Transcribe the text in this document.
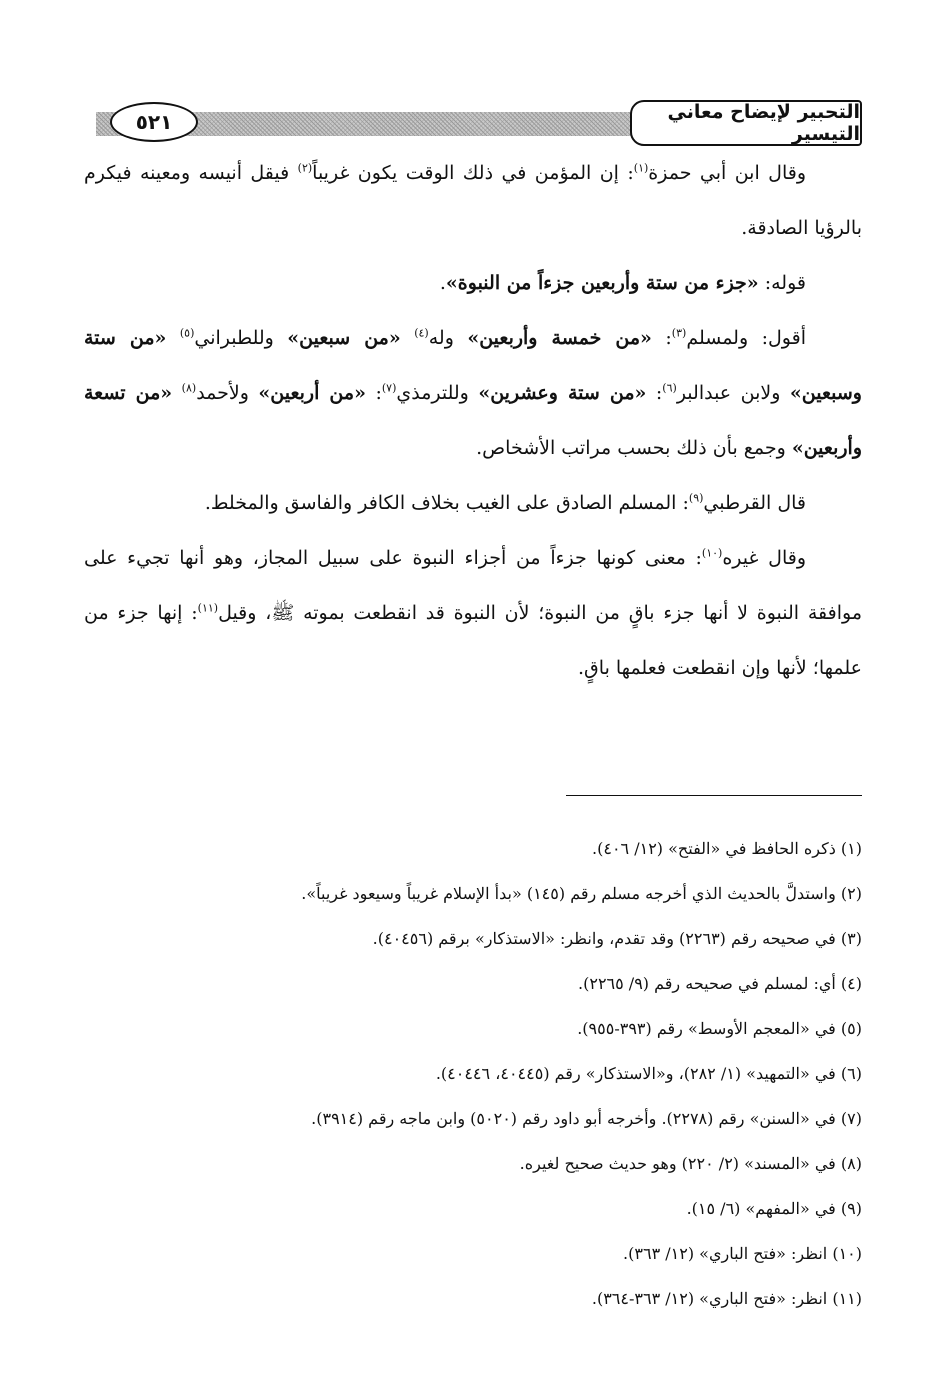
التحبير لإيضاح معاني التيسير
٥٢١

وقال ابن أبي حمزة$^{(١)}$: إن المؤمن في ذلك الوقت يكون غريباً$^{(٢)}$ فيقل أنيسه ومعينه فيكرم بالرؤيا الصادقة.

قوله: «جزء من ستة وأربعين جزءاً من النبوة».

أقول: ولمسلم$^{(٣)}$: «من خمسة وأربعين» وله$^{(٤)}$ «من سبعين» وللطبراني$^{(٥)}$ «من ستة وسبعين» ولابن عبدالبر$^{(٦)}$: «من ستة وعشرين» وللترمذي$^{(٧)}$: «من أربعين» ولأحمد$^{(٨)}$ «من تسعة وأربعين» وجمع بأن ذلك بحسب مراتب الأشخاص.

قال القرطبي$^{(٩)}$: المسلم الصادق على الغيب بخلاف الكافر والفاسق والمخلط.

وقال غيره$^{(١٠)}$: معنى كونها جزءاً من أجزاء النبوة على سبيل المجاز، وهو أنها تجيء على موافقة النبوة لا أنها جزء باقٍ من النبوة؛ لأن النبوة قد انقطعت بموته ﷺ، وقيل$^{(١١)}$: إنها جزء من علمها؛ لأنها وإن انقطعت فعلمها باقٍ.

(١) ذكره الحافظ في «الفتح» (١٢/ ٤٠٦).
(٢) واستدلَّ بالحديث الذي أخرجه مسلم رقم (١٤٥) «بدأ الإسلام غريباً وسيعود غريباً».
(٣) في صحيحه رقم (٢٢٦٣) وقد تقدم، وانظر: «الاستذكار» برقم (٤٠٤٥٦).
(٤) أي: لمسلم في صحيحه رقم (٩/ ٢٢٦٥).
(٥) في «المعجم الأوسط» رقم (٣٩٣-٩٥٥).
(٦) في «التمهيد» (١/ ٢٨٢)، و«الاستذكار» رقم (٤٠٤٤٥، ٤٠٤٤٦).
(٧) في «السنن» رقم (٢٢٧٨). وأخرجه أبو داود رقم (٥٠٢٠) وابن ماجه رقم (٣٩١٤).
(٨) في «المسند» (٢/ ٢٢٠) وهو حديث صحيح لغيره.
(٩) في «المفهم» (٦/ ١٥).
(١٠) انظر: «فتح الباري» (١٢/ ٣٦٣).
(١١) انظر: «فتح الباري» (١٢/ ٣٦٣-٣٦٤).
